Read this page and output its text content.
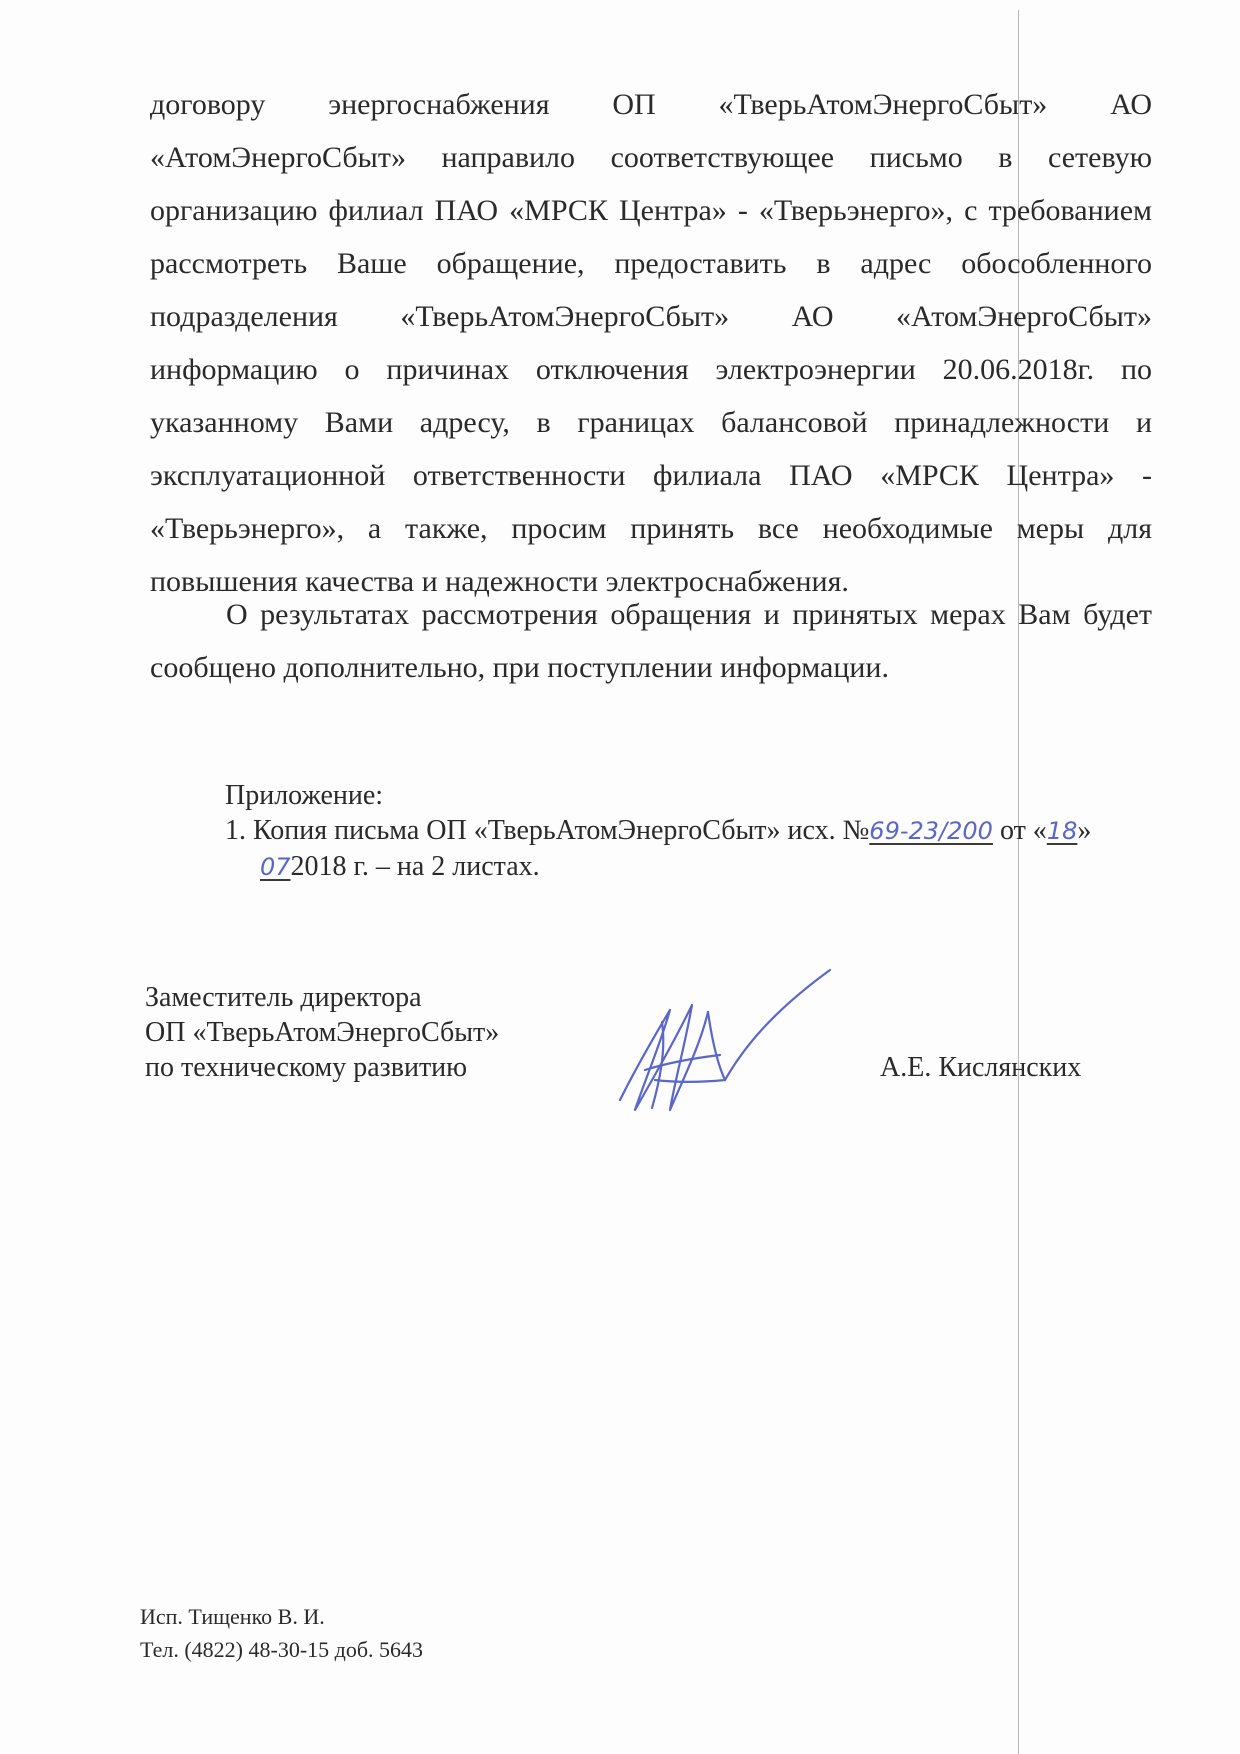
договору энергоснабжения ОП «ТверьАтомЭнергоСбыт» АО «АтомЭнергоСбыт» направило соответствующее письмо в сетевую организацию филиал ПАО «МРСК Центра» - «Тверьэнерго», с требованием рассмотреть Ваше обращение, предоставить в адрес обособленного подразделения «ТверьАтомЭнергоСбыт» АО «АтомЭнергоСбыт» информацию о причинах отключения электроэнергии 20.06.2018г. по указанному Вами адресу, в границах балансовой принадлежности и эксплуатационной ответственности филиала ПАО «МРСК Центра» - «Тверьэнерго», а также, просим принять все необходимые меры для повышения качества и надежности электроснабжения.

О результатах рассмотрения обращения и принятых мерах Вам будет сообщено дополнительно, при поступлении информации.

Приложение:
1. Копия письма ОП «ТверьАтомЭнергоСбыт» исх. №69-23/200 от «18»
072018 г. – на 2 листах.
Заместитель директора
ОП «ТверьАтомЭнергоСбыт»
по техническому развитию	А.Е. Кислянских
Исп. Тищенко В. И.
Тел. (4822) 48-30-15 доб. 5643
